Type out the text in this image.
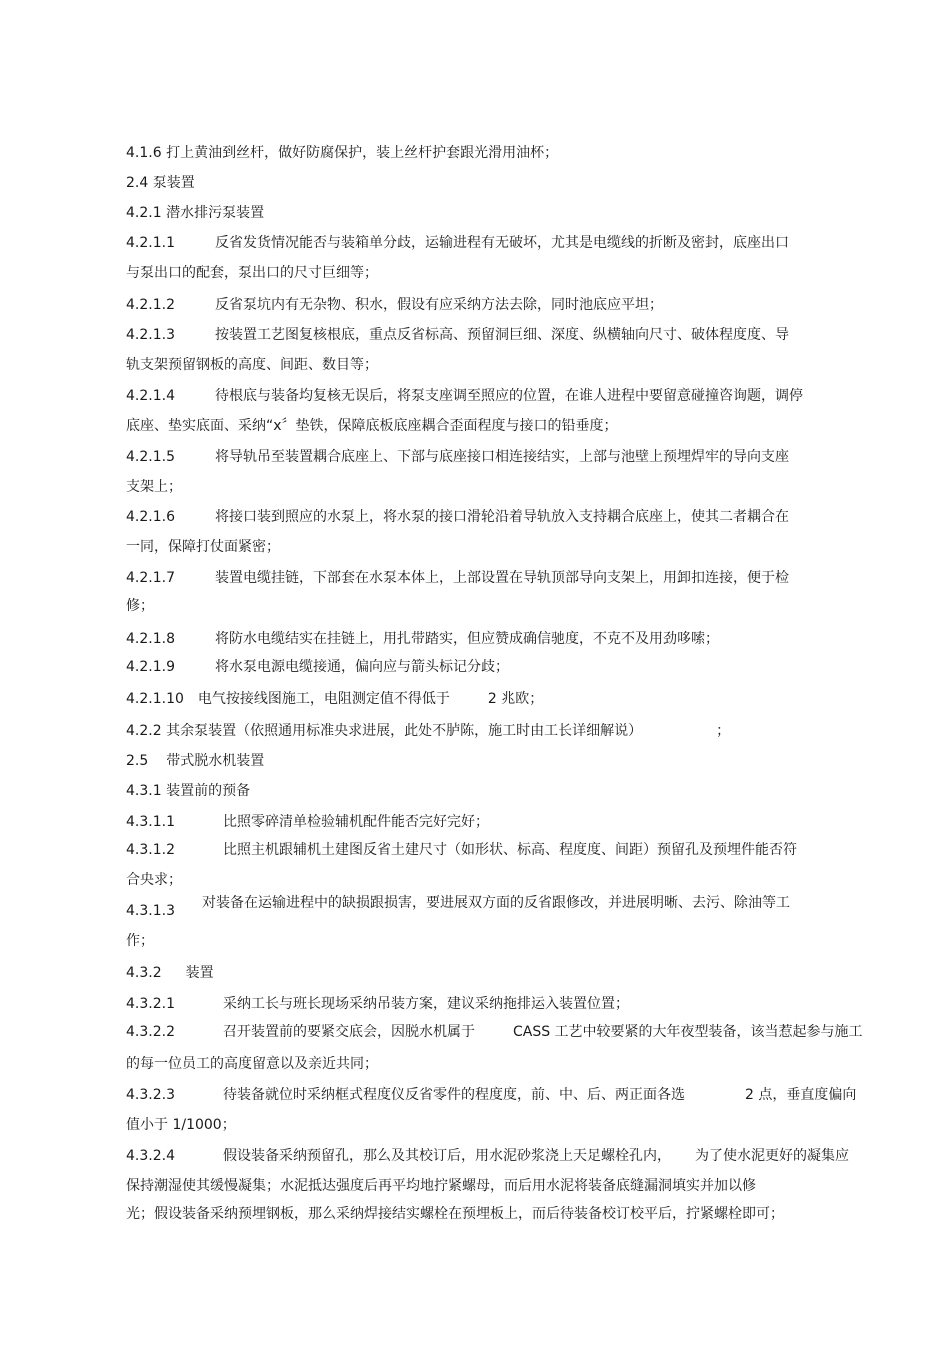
4.1.6 打上黄油到丝杆，做好防腐保护，装上丝杆护套跟光滑用油杯；
2.4 泵装置
4.2.1 潜水排污泵装置
4.2.1.1	反省发货情况能否与装箱单分歧，运输进程有无破坏，尤其是电缆线的折断及密封，底座出口
与泵出口的配套，泵出口的尺寸巨细等；
4.2.1.2	反省泵坑内有无杂物、积水，假设有应采纳方法去除，同时池底应平坦；
4.2.1.3	按装置工艺图复核根底，重点反省标高、预留洞巨细、深度、纵横轴向尺寸、破体程度度、导
轨支架预留钢板的高度、间距、数目等；
4.2.1.4	待根底与装备均复核无误后，将泵支座调至照应的位置，在谁人进程中要留意碰撞咨询题，调停
底座、垫实底面、采纳“x〞垫铁，保障底板底座耦合歪面程度与接口的铅垂度；
4.2.1.5	将导轨吊至装置耦合底座上、下部与底座接口相连接结实，上部与池壁上预埋焊牢的导向支座
支架上；
4.2.1.6	将接口装到照应的水泵上，将水泵的接口滑轮沿着导轨放入支持耦合底座上，使其二者耦合在
一同，保障打仗面紧密；
4.2.1.7	装置电缆挂链，下部套在水泵本体上，上部设置在导轨顶部导向支架上，用卸扣连接，便于检
修；
4.2.1.8	将防水电缆结实在挂链上，用扎带踏实，但应赞成确信驰度，不克不及用劲哆嗦；
4.2.1.9	将水泵电源电缆接通，偏向应与箭头标记分歧；
4.2.1.10 电气按接线图施工，电阻测定值不得低于	2 兆欧；
4.2.2 其余泵装置（依照通用标准央求进展，此处不胪陈，施工时由工长详细解说）	；
2.5 带式脱水机装置
4.3.1 装置前的预备
4.3.1.1	比照零碎清单检验辅机配件能否完好完好；
4.3.1.2	比照主机跟辅机土建图反省土建尺寸（如形状、标高、程度度、间距）预留孔及预埋件能否符
合央求；
4.3.1.3 对装备在运输进程中的缺损跟损害，要进展双方面的反省跟修改，并进展明晰、去污、除油等工
作；
4.3.2 装置
4.3.2.1	采纳工长与班长现场采纳吊装方案，建议采纳拖排运入装置位置；
4.3.2.2	召开装置前的要紧交底会，因脱水机属于	CASS 工艺中较要紧的大年夜型装备，该当惹起参与施工
的每一位员工的高度留意以及亲近共同；
4.3.2.3	待装备就位时采纳框式程度仪反省零件的程度度，前、中、后、两正面各选	2 点，垂直度偏向
值小于 1/1000；
4.3.2.4	假设装备采纳预留孔，那么及其校订后，用水泥砂浆浇上天足螺栓孔内， 为了使水泥更好的凝集应
保持潮湿使其缓慢凝集；水泥抵达强度后再平均地拧紧螺母，而后用水泥将装备底缝漏洞填实并加以修
光；假设装备采纳预埋钢板，那么采纳焊接结实螺栓在预埋板上，而后待装备校订校平后，拧紧螺栓即可；
